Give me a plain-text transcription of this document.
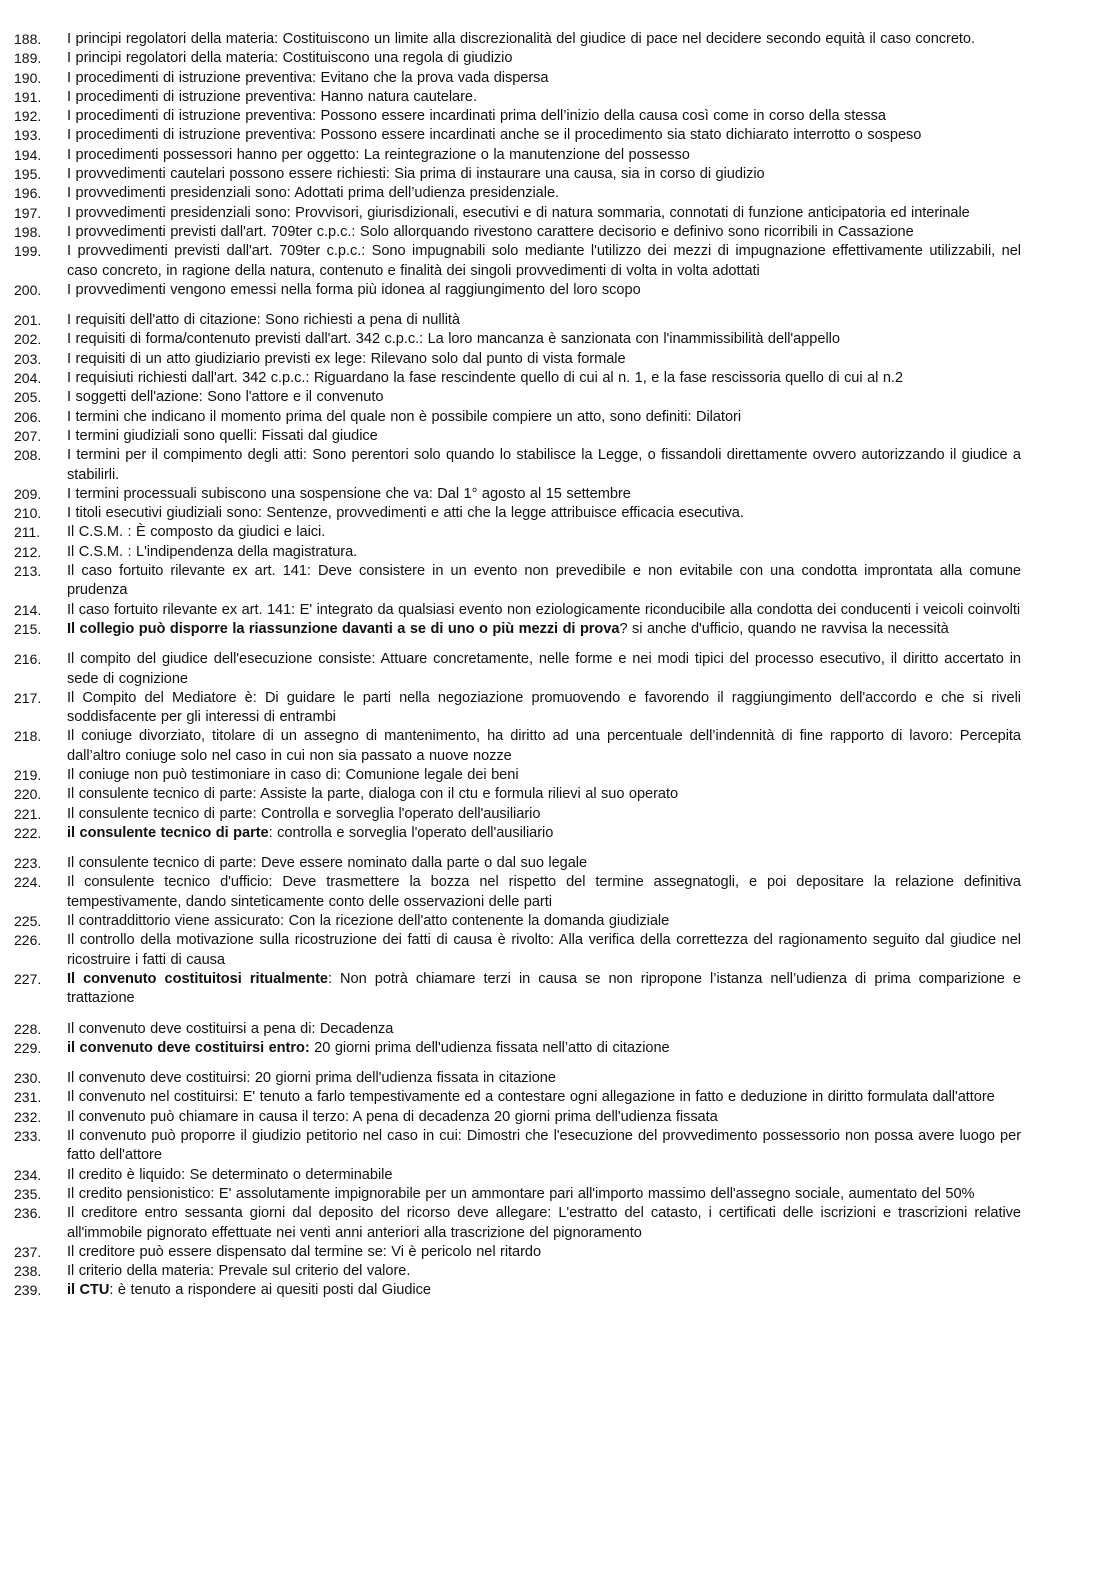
188. I principi regolatori della materia: Costituiscono un limite alla discrezionalità del giudice di pace nel decidere secondo equità il caso concreto.
189. I principi regolatori della materia: Costituiscono una regola di giudizio
190. I procedimenti di istruzione preventiva: Evitano che la prova vada dispersa
191. I procedimenti di istruzione preventiva: Hanno natura cautelare.
192. I procedimenti di istruzione preventiva: Possono essere incardinati prima dell’inizio della causa così come in corso della stessa
193. I procedimenti di istruzione preventiva: Possono essere incardinati anche se il procedimento sia stato dichiarato interrotto o sospeso
194. I procedimenti possessori hanno per oggetto: La reintegrazione o la manutenzione del possesso
195. I provvedimenti cautelari possono essere richiesti: Sia prima di instaurare una causa, sia in corso di giudizio
196. I provvedimenti presidenziali sono: Adottati prima dell’udienza presidenziale.
197. I provvedimenti presidenziali sono: Provvisori, giurisdizionali, esecutivi e di natura sommaria, connotati di funzione anticipatoria ed interinale
198. I provvedimenti previsti dall'art. 709ter c.p.c.: Solo allorquando rivestono carattere decisorio e definivo sono ricorribili in Cassazione
199. I provvedimenti previsti dall'art. 709ter c.p.c.: Sono impugnabili solo mediante l'utilizzo dei mezzi di impugnazione effettivamente utilizzabili, nel caso concreto, in ragione della natura, contenuto e finalità dei singoli provvedimenti di volta in volta adottati
200. I provvedimenti vengono emessi nella forma più idonea al raggiungimento del loro scopo
201. I requisiti dell'atto di citazione: Sono richiesti a pena di nullità
202. I requisiti di forma/contenuto previsti dall'art. 342 c.p.c.: La loro mancanza è sanzionata con l'inammissibilità dell'appello
203. I requisiti di un atto giudiziario previsti ex lege: Rilevano solo dal punto di vista formale
204. I requisiuti richiesti dall'art. 342 c.p.c.: Riguardano la fase rescindente quello di cui al n. 1, e la fase rescissoria quello di cui al n.2
205. I soggetti dell'azione: Sono l'attore e il convenuto
206. I termini che indicano il momento prima del quale non è possibile compiere un atto, sono definiti: Dilatori
207. I termini giudiziali sono quelli: Fissati dal giudice
208. I termini per il compimento degli atti: Sono perentori solo quando lo stabilisce la Legge, o fissandoli direttamente ovvero autorizzando il giudice a stabilirli.
209. I termini processuali subiscono una sospensione che va: Dal 1° agosto al 15 settembre
210. I titoli esecutivi giudiziali sono: Sentenze, provvedimenti e atti che la legge attribuisce efficacia esecutiva.
211. Il C.S.M. : È composto da giudici e laici.
212. Il C.S.M. : L'indipendenza della magistratura.
213. Il caso fortuito rilevante ex art. 141: Deve consistere in un evento non prevedibile e non evitabile con una condotta improntata alla comune prudenza
214. Il caso fortuito rilevante ex art. 141: E' integrato da qualsiasi evento non eziologicamente riconducibile alla condotta dei conducenti i veicoli coinvolti
215. Il collegio può disporre la riassunzione davanti a se di uno o più mezzi di prova? si anche d'ufficio, quando ne ravvisa la necessità
216. Il compito del giudice dell'esecuzione consiste: Attuare concretamente, nelle forme e nei modi tipici del processo esecutivo, il diritto accertato in sede di cognizione
217. Il Compito del Mediatore è: Di guidare le parti nella negoziazione promuovendo e favorendo il raggiungimento dell'accordo e che si riveli soddisfacente per gli interessi di entrambi
218. Il coniuge divorziato, titolare di un assegno di mantenimento, ha diritto ad una percentuale dell’indennità di fine rapporto di lavoro: Percepita dall’altro coniuge solo nel caso in cui non sia passato a nuove nozze
219. Il coniuge non può testimoniare in caso di: Comunione legale dei beni
220. Il consulente tecnico di parte: Assiste la parte, dialoga con il ctu e formula rilievi al suo operato
221. Il consulente tecnico di parte: Controlla e sorveglia l'operato dell'ausiliario
222. il consulente tecnico di parte: controlla e sorveglia l'operato dell'ausiliario
223. Il consulente tecnico di parte: Deve essere nominato dalla parte o dal suo legale
224. Il consulente tecnico d'ufficio: Deve trasmettere la bozza nel rispetto del termine assegnatogli, e poi depositare la relazione definitiva tempestivamente, dando sinteticamente conto delle osservazioni delle parti
225. Il contraddittorio viene assicurato: Con la ricezione dell'atto contenente la domanda giudiziale
226. Il controllo della motivazione sulla ricostruzione dei fatti di causa è rivolto: Alla verifica della correttezza del ragionamento seguito dal giudice nel ricostruire i fatti di causa
227. Il convenuto costituitosi ritualmente: Non potrà chiamare terzi in causa se non ripropone l’istanza nell’udienza di prima comparizione e trattazione
228. Il convenuto deve costituirsi a pena di: Decadenza
229. il convenuto deve costituirsi entro: 20 giorni prima dell'udienza fissata nell’atto di citazione
230. Il convenuto deve costituirsi: 20 giorni prima dell'udienza fissata in citazione
231. Il convenuto nel costituirsi: E' tenuto a farlo tempestivamente ed a contestare ogni allegazione in fatto e deduzione in diritto formulata dall'attore
232. Il convenuto può chiamare in causa il terzo: A pena di decadenza 20 giorni prima dell'udienza fissata
233. Il convenuto può proporre il giudizio petitorio nel caso in cui: Dimostri che l'esecuzione del provvedimento possessorio non possa avere luogo per fatto dell'attore
234. Il credito è liquido: Se determinato o determinabile
235. Il credito pensionistico: E' assolutamente impignorabile per un ammontare pari all'importo massimo dell'assegno sociale, aumentato del 50%
236. Il creditore entro sessanta giorni dal deposito del ricorso deve allegare: L'estratto del catasto, i certificati delle iscrizioni e trascrizioni relative all'immobile pignorato effettuate nei venti anni anteriori alla trascrizione del pignoramento
237. Il creditore può essere dispensato dal termine se: Vi è pericolo nel ritardo
238. Il criterio della materia: Prevale sul criterio del valore.
239. il CTU: è tenuto a rispondere ai quesiti posti dal Giudice
